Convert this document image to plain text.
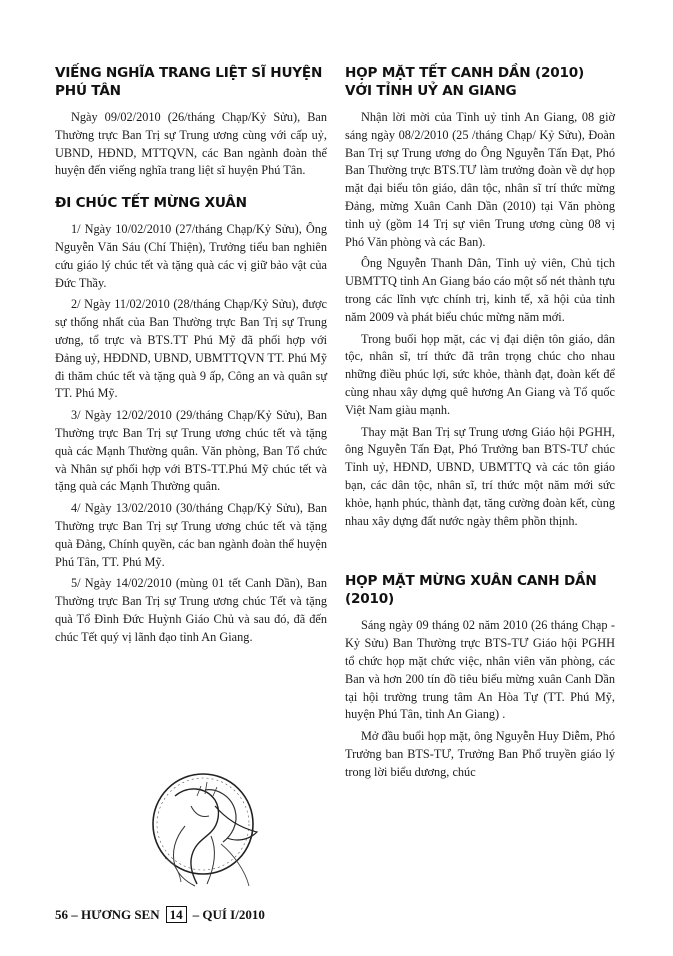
VIẾNG NGHĨA TRANG LIỆT SĨ HUYỆN PHÚ TÂN

Ngày 09/02/2010 (26/tháng Chạp/Kỷ Sửu), Ban Thường trực Ban Trị sự Trung ương cùng với cấp uỷ, UBND, HĐND, MTTQVN, các Ban ngành đoàn thể huyện đến viếng nghĩa trang liệt sĩ huyện Phú Tân.

ĐI CHÚC TẾT MỪNG XUÂN

1/ Ngày 10/02/2010 (27/tháng Chạp/Kỷ Sửu), Ông Nguyễn Văn Sáu (Chí Thiện), Trưởng tiểu ban nghiên cứu giáo lý chúc tết và tặng quà các vị giữ bảo vật của Đức Thầy.

2/ Ngày 11/02/2010 (28/tháng Chạp/Kỷ Sửu), được sự thống nhất của Ban Thường trực Ban Trị sự Trung ương, tổ trực và BTS.TT Phú Mỹ đã phối hợp với Đảng uỷ, HĐDND, UBND, UBMTTQVN TT. Phú Mỹ đi thăm chúc tết và tặng quà 9 ấp, Công an và quân sự TT. Phú Mỹ.

3/ Ngày 12/02/2010 (29/tháng Chạp/Kỷ Sửu), Ban Thường trực Ban Trị sự Trung ương chúc tết và tặng quà các Mạnh Thường quân. Văn phòng, Ban Tổ chức và Nhân sự phối hợp với BTS-TT.Phú Mỹ chúc tết và tặng quà các Mạnh Thường quân.

4/ Ngày 13/02/2010 (30/tháng Chạp/Kỷ Sửu), Ban Thường trực Ban Trị sự Trung ương chúc tết và tặng quà Đảng, Chính quyền, các ban ngành đoàn thể huyện Phú Tân, TT. Phú Mỹ.

5/ Ngày 14/02/2010 (mùng 01 tết Canh Dần), Ban Thường trực Ban Trị sự Trung ương chúc Tết và tặng quà Tổ Đình Đức Huỳnh Giáo Chủ và sau đó, đã đến chúc Tết quý vị lãnh đạo tỉnh An Giang.

HỌP MẶT TẾT CANH DẦN (2010) VỚI TỈNH UỶ AN GIANG

Nhận lời mời của Tỉnh uỷ tỉnh An Giang, 08 giờ sáng ngày 08/2/2010 (25 /tháng Chạp/ Kỷ Sửu), Đoàn Ban Trị sự Trung ương do Ông Nguyễn Tấn Đạt, Phó Ban Thường trực BTS.TƯ làm trưởng đoàn về dự họp mặt đại biểu tôn giáo, dân tộc, nhân sĩ trí thức mừng Đảng, mừng Xuân Canh Dần (2010) tại Văn phòng tỉnh uỷ (gồm 14 Trị sự viên Trung ương cùng 08 vị Phó Văn phòng và các Ban).

Ông Nguyễn Thanh Dân, Tỉnh uỷ viên, Chủ tịch UBMTTQ tỉnh An Giang báo cáo một số nét thành tựu trong các lĩnh vực chính trị, kinh tế, xã hội của tỉnh năm 2009 và phát biểu chúc mừng năm mới.

Trong buổi họp mặt, các vị đại diện tôn giáo, dân tộc, nhân sĩ, trí thức đã trân trọng chúc cho nhau những điều phúc lợi, sức khỏe, thành đạt, đoàn kết để cùng nhau xây dựng quê hương An Giang và Tổ quốc Việt Nam giàu mạnh.

Thay mặt Ban Trị sự Trung ương Giáo hội PGHH, ông Nguyễn Tấn Đạt, Phó Trưởng ban BTS-TƯ chúc Tỉnh uỷ, HĐND, UBND, UBMTTQ và các tôn giáo bạn, các dân tộc, nhân sĩ, trí thức một năm mới sức khỏe, hạnh phúc, thành đạt, tăng cường đoàn kết, cùng nhau xây dựng đất nước ngày thêm phồn thịnh.

HỌP MẶT MỪNG XUÂN CANH DẦN (2010)

Sáng ngày 09 tháng 02 năm 2010 (26 tháng Chạp - Kỷ Sửu) Ban Thường trực BTS-TƯ Giáo hội PGHH tổ chức họp mặt chức việc, nhân viên văn phòng, các Ban và hơn 200 tín đồ tiêu biểu mừng xuân Canh Dần tại hội trường trung tâm An Hòa Tự (TT. Phú Mỹ, huyện Phú Tân, tỉnh An Giang) .

Mở đầu buổi họp mặt, ông Nguyễn Huy Diễm, Phó Trưởng ban BTS-TƯ, Trưởng Ban Phổ truyền giáo lý trong lời biểu dương, chúc

56 – HƯƠNG SEN 14 – QUÍ I/2010
